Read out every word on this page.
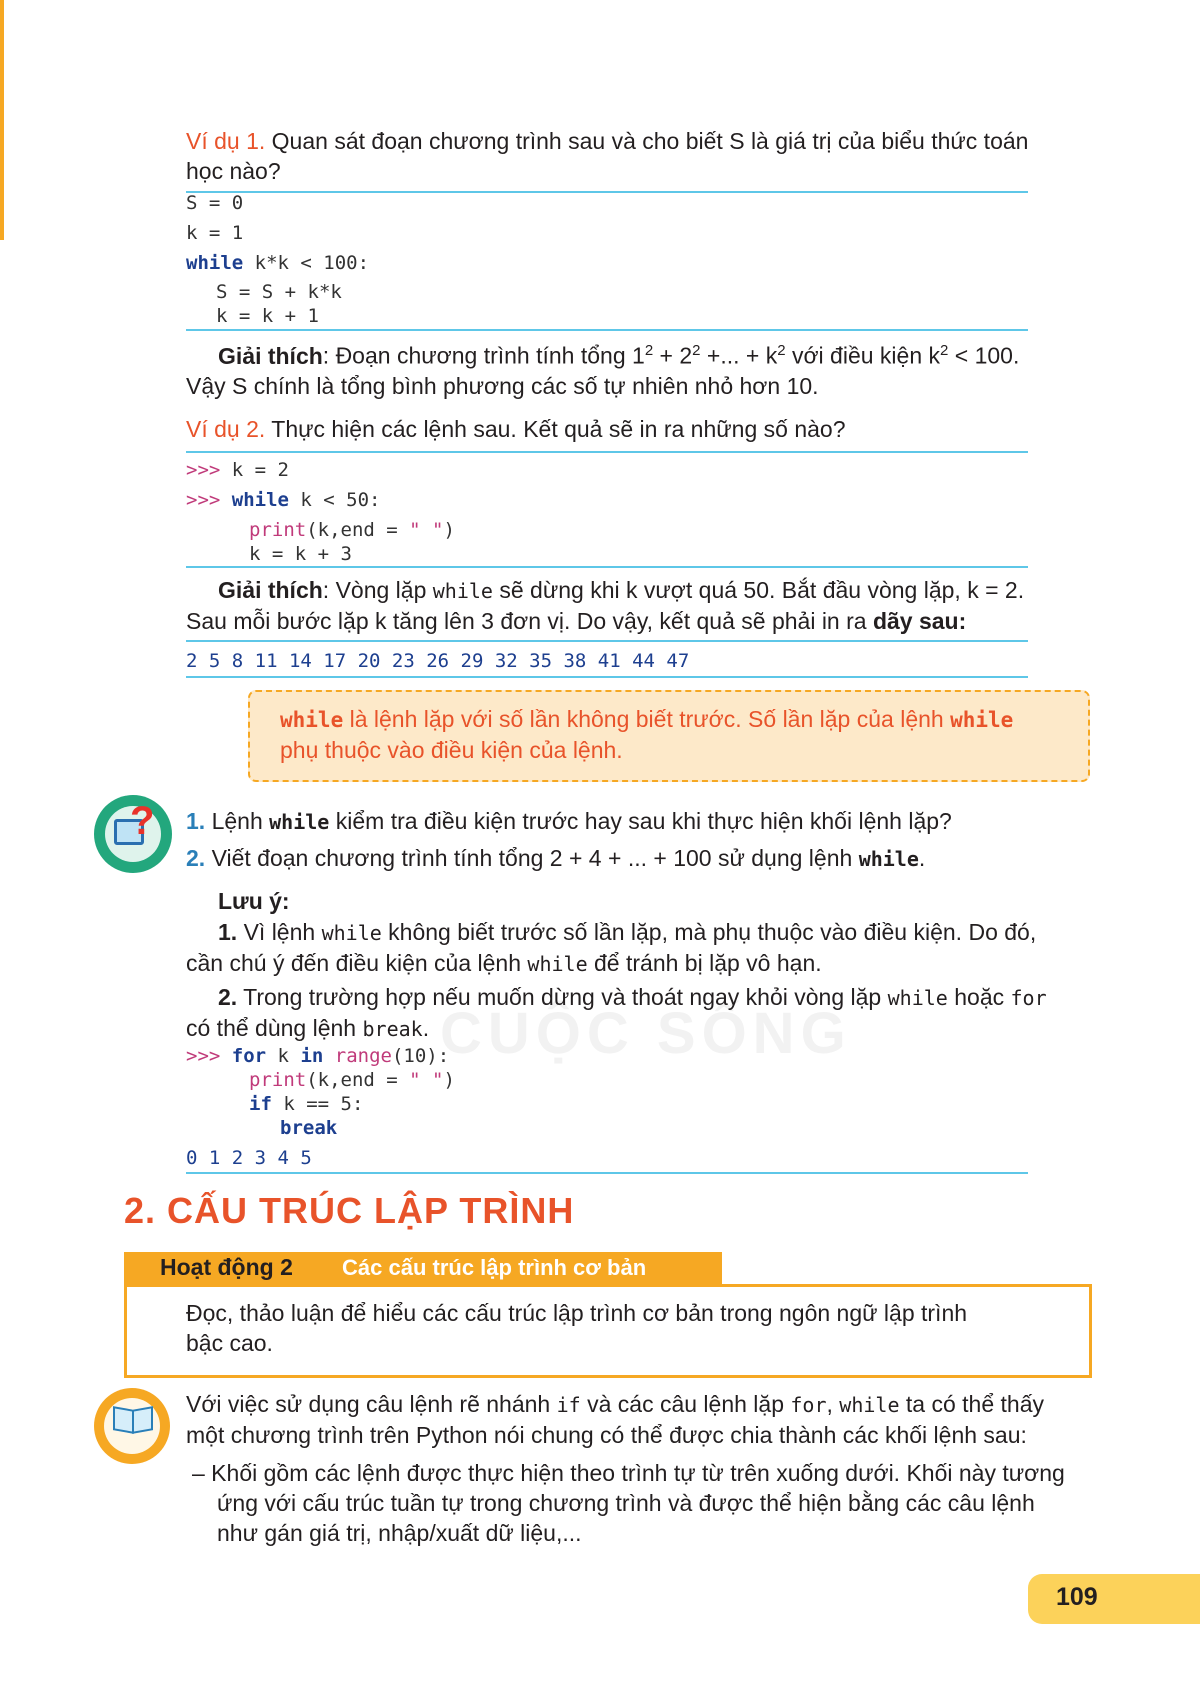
CUỘC SỐNG
Ví dụ 1. Quan sát đoạn chương trình sau và cho biết S là giá trị của biểu thức toán
học nào?
S = 0
k = 1
while k*k < 100:
S = S + k*k
k = k + 1
Giải thích: Đoạn chương trình tính tổng $1^2 + 2^2$ +... + $k^2$ với điều kiện $k^2 < 100$.
Vậy S chính là tổng bình phương các số tự nhiên nhỏ hơn 10.
Ví dụ 2. Thực hiện các lệnh sau. Kết quả sẽ in ra những số nào?
>>> k = 2
>>> while k < 50:
print(k,end = " ")
k = k + 3
Giải thích: Vòng lặp while sẽ dừng khi k vượt quá 50. Bắt đầu vòng lặp, k = 2.
Sau mỗi bước lặp k tăng lên 3 đơn vị. Do vậy, kết quả sẽ phải in ra dãy sau:
2 5 8 11 14 17 20 23 26 29 32 35 38 41 44 47
while là lệnh lặp với số lần không biết trước. Số lần lặp của lệnh while
phụ thuộc vào điều kiện của lệnh.
? 1. Lệnh while kiểm tra điều kiện trước hay sau khi thực hiện khối lệnh lặp?
2. Viết đoạn chương trình tính tổng 2 + 4 + ... + 100 sử dụng lệnh while.
Lưu ý:
1. Vì lệnh while không biết trước số lần lặp, mà phụ thuộc vào điều kiện. Do đó,
cần chú ý đến điều kiện của lệnh while để tránh bị lặp vô hạn.
2. Trong trường hợp nếu muốn dừng và thoát ngay khỏi vòng lặp while hoặc for
có thể dùng lệnh break.
>>> for k in range(10):
print(k,end = " ")
if k == 5:
break
0 1 2 3 4 5
2. CẤU TRÚC LẬP TRÌNH
Hoạt động 2 Các cấu trúc lập trình cơ bản
Đọc, thảo luận để hiểu các cấu trúc lập trình cơ bản trong ngôn ngữ lập trình
bậc cao.
Với việc sử dụng câu lệnh rẽ nhánh if và các câu lệnh lặp for, while ta có thể thấy
một chương trình trên Python nói chung có thể được chia thành các khối lệnh sau:
– Khối gồm các lệnh được thực hiện theo trình tự từ trên xuống dưới. Khối này tương
ứng với cấu trúc tuần tự trong chương trình và được thể hiện bằng các câu lệnh
như gán giá trị, nhập/xuất dữ liệu,...
109
